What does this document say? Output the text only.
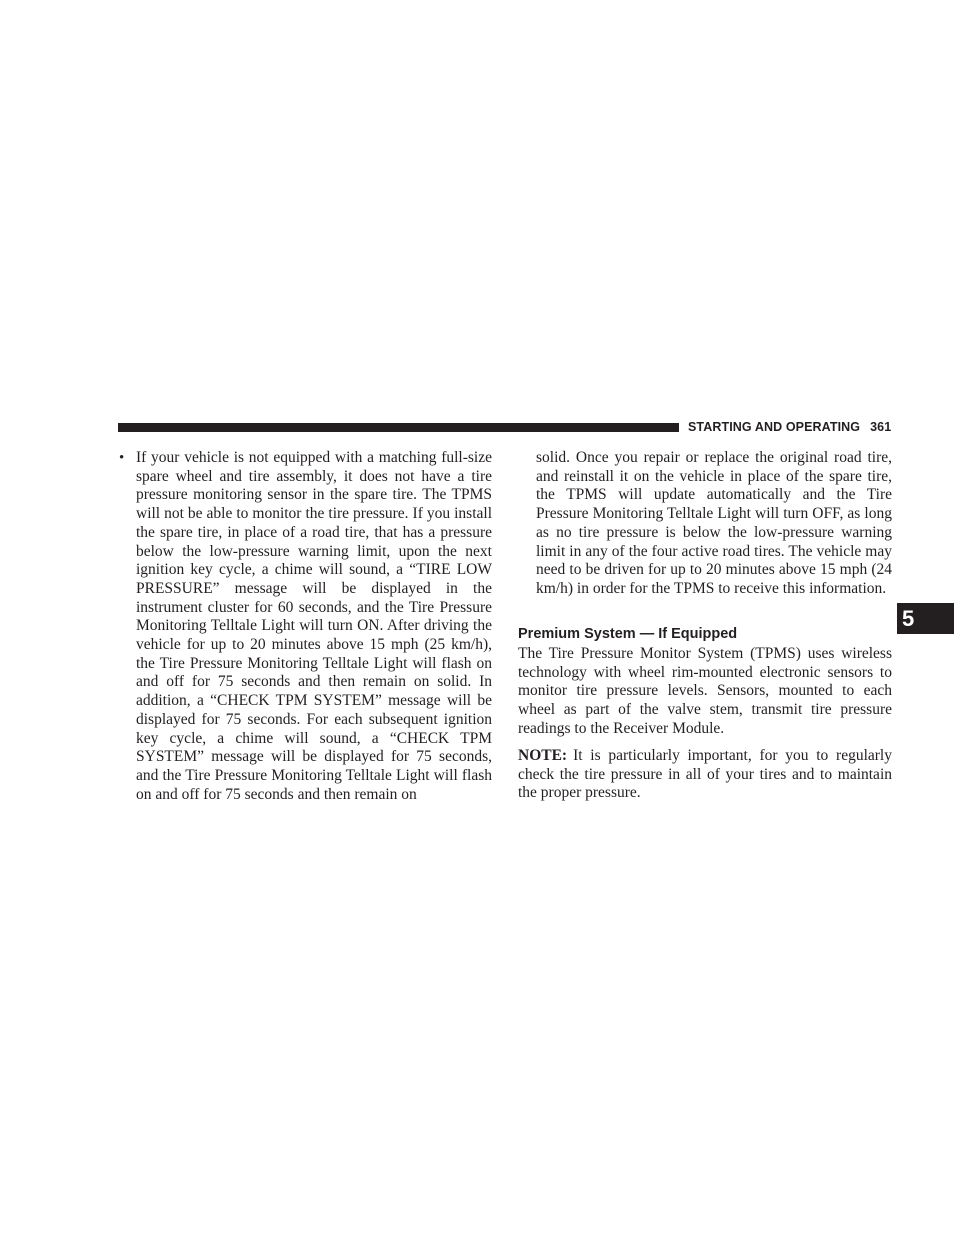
STARTING AND OPERATING 361
5
• If your vehicle is not equipped with a matching full-size spare wheel and tire assembly, it does not have a tire pressure monitoring sensor in the spare tire. The TPMS will not be able to monitor the tire pressure. If you install the spare tire, in place of a road tire, that has a pressure below the low-pressure warning limit, upon the next ignition key cycle, a chime will sound, a “TIRE LOW PRESSURE” message will be displayed in the instrument cluster for 60 seconds, and the Tire Pressure Monitoring Telltale Light will turn ON. After driving the vehicle for up to 20 minutes above 15 mph (25 km/h), the Tire Pressure Monitoring Telltale Light will flash on and off for 75 seconds and then remain on solid. In addition, a “CHECK TPM SYSTEM” message will be displayed for 75 seconds. For each subsequent ignition key cycle, a chime will sound, a “CHECK TPM SYSTEM” message will be displayed for 75 seconds, and the Tire Pressure Monitoring Telltale Light will flash on and off for 75 seconds and then remain on
solid. Once you repair or replace the original road tire, and reinstall it on the vehicle in place of the spare tire, the TPMS will update automatically and the Tire Pressure Monitoring Telltale Light will turn OFF, as long as no tire pressure is below the low-pressure warning limit in any of the four active road tires. The vehicle may need to be driven for up to 20 minutes above 15 mph (24 km/h) in order for the TPMS to receive this information.
Premium System — If Equipped
The Tire Pressure Monitor System (TPMS) uses wireless technology with wheel rim-mounted electronic sensors to monitor tire pressure levels. Sensors, mounted to each wheel as part of the valve stem, transmit tire pressure readings to the Receiver Module.
NOTE: It is particularly important, for you to regularly check the tire pressure in all of your tires and to maintain the proper pressure.
